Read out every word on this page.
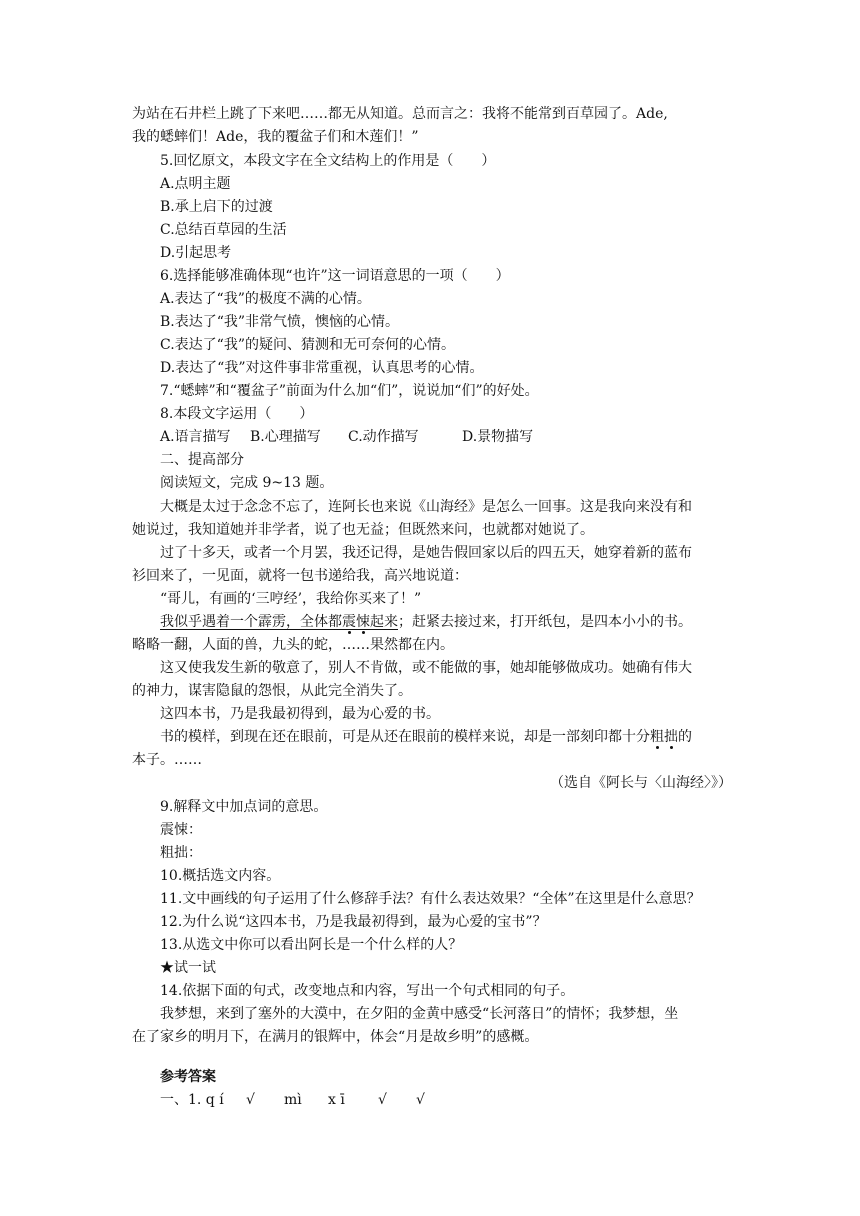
为站在石井栏上跳了下来吧……都无从知道。总而言之：我将不能常到百草园了。Ade,
我的蟋蟀们！Ade，我的覆盆子们和木莲们！”
5.回忆原文，本段文字在全文结构上的作用是（　　）
A.点明主题
B.承上启下的过渡
C.总结百草园的生活
D.引起思考
6.选择能够准确体现“也许”这一词语意思的一项（　　）
A.表达了“我”的极度不满的心情。
B.表达了“我”非常气愤，懊恼的心情。
C.表达了“我”的疑问、猜测和无可奈何的心情。
D.表达了“我”对这件事非常重视，认真思考的心情。
7.“蟋蟀”和“覆盆子”前面为什么加“们”，说说加“们”的好处。
8.本段文字运用（　　）
A.语言描写 B.心理描写 C.动作描写	D.景物描写
二、提高部分
阅读短文，完成 9~13 题。
大概是太过于念念不忘了，连阿长也来说《山海经》是怎么一回事。这是我向来没有和
她说过，我知道她并非学者，说了也无益；但既然来问，也就都对她说了。
过了十多天，或者一个月罢，我还记得，是她告假回家以后的四五天，她穿着新的蓝布
衫回来了，一见面，就将一包书递给我，高兴地说道：
“哥儿，有画的‘三哼经’，我给你买来了！”
我似乎遇着一个霹雳，全体都震悚起来；赶紧去接过来，打开纸包，是四本小小的书。
略略一翻，人面的兽，九头的蛇，……果然都在内。
这又使我发生新的敬意了，别人不肯做，或不能做的事，她却能够做成功。她确有伟大
的神力，谋害隐鼠的怨恨，从此完全消失了。
这四本书，乃是我最初得到，最为心爱的书。
书的模样，到现在还在眼前，可是从还在眼前的模样来说，却是一部刻印都十分粗拙的
本子。……
（选自《阿长与〈山海经〉》）
9.解释文中加点词的意思。
震悚：
粗拙：
10.概括选文内容。
11.文中画线的句子运用了什么修辞手法？有什么表达效果？“全体”在这里是什么意思？
12.为什么说“这四本书，乃是我最初得到，最为心爱的宝书”？
13.从选文中你可以看出阿长是一个什么样的人？
★试一试
14.依据下面的句式，改变地点和内容，写出一个句式相同的句子。
我梦想，来到了塞外的大漠中，在夕阳的金黄中感受“长河落日”的情怀；我梦想，坐
在了家乡的明月下，在满月的银辉中，体会“月是故乡明”的感概。
参考答案
一、1. q í √ mì x ī √ √
